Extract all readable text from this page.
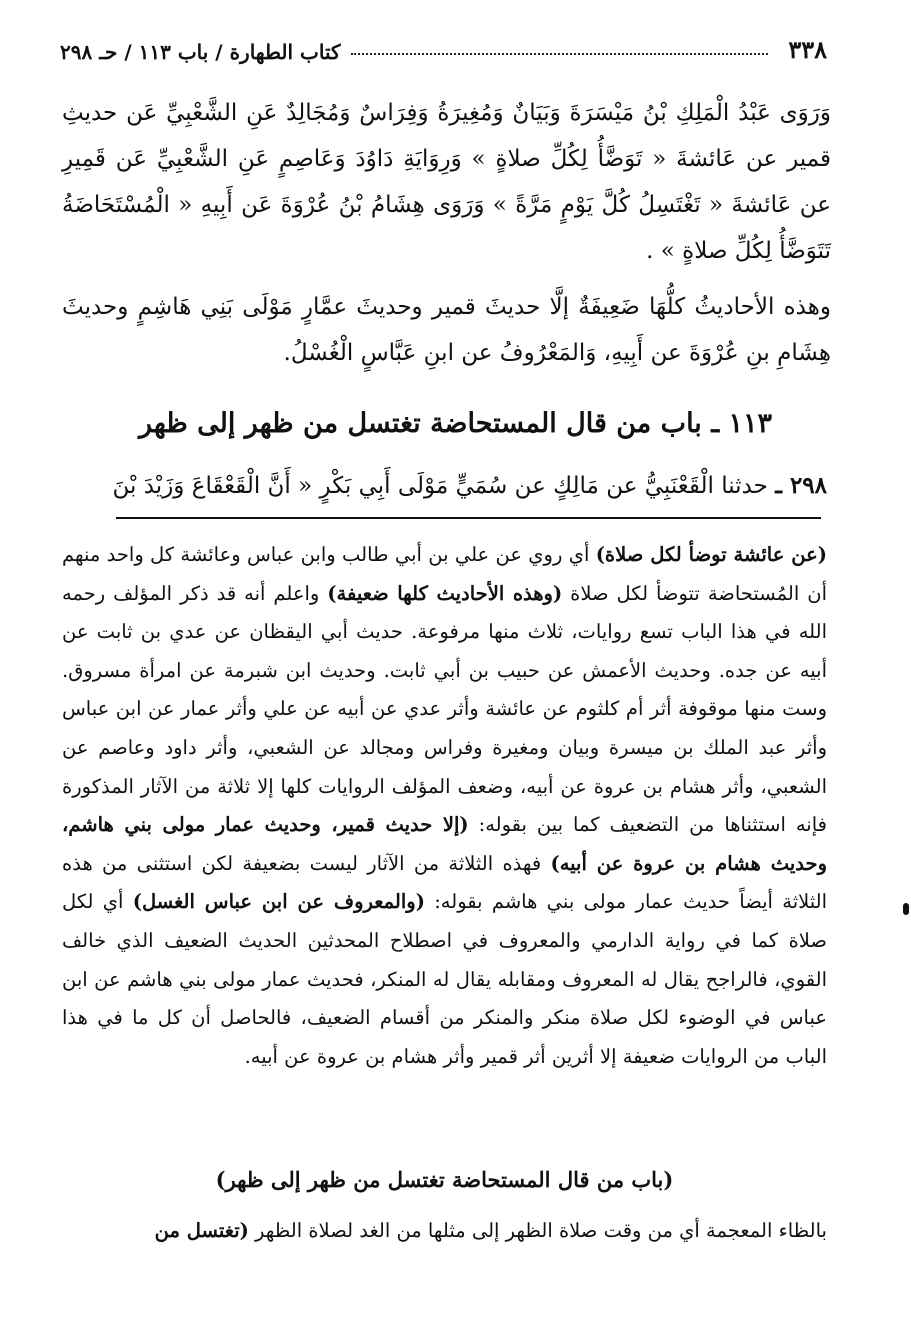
٣٣٨
كتاب الطهارة / باب ١١٣ / حـ ٢٩٨

وَرَوَى عَبْدُ الْمَلِكِ بْنُ مَيْسَرَةَ وَبَيَانٌ وَمُغِيرَةُ وَفِرَاسٌ وَمُجَالِدٌ عَنِ الشَّعْبِيِّ عَن حديثِ قمير عن عَائشةَ « تَوَضَّأُ لِكُلِّ صلاةٍ » وَرِوَايَةِ دَاوُدَ وَعَاصِمٍ عَنِ الشَّعْبِيِّ عَن قَمِيرِ عن عَائشةَ « تَغْتَسِلُ كُلَّ يَوْمٍ مَرَّةً » وَرَوَى هِشَامُ بْنُ عُرْوَةَ عَن أَبِيهِ « الْمُسْتَحَاضَةُ تَتَوَضَّأُ لِكُلِّ صلاةٍ » .

وهذه الأحاديثُ كلُّهَا ضَعِيفَةٌ إلَّا حديثَ قمير وحديثَ عمَّارٍ مَوْلَى بَنِي هَاشِمٍ وحديثَ هِشَامِ بنِ عُرْوَةَ عن أَبِيهِ، وَالمَعْرُوفُ عن ابنِ عَبَّاسٍ الْغُسْلُ.

١١٣ ـ باب من قال المستحاضة تغتسل من ظهر إلى ظهر
٢٩٨ ـ حدثنا الْقَعْنَبِيُّ عن مَالِكٍ عن سُمَيٍّ مَوْلَى أَبِي بَكْرٍ « أَنَّ الْقَعْقَاعَ وَزَيْدَ بْنَ

(عن عائشة توضأ لكل صلاة) أي روي عن علي بن أبي طالب وابن عباس وعائشة كل واحد منهم أن المُستحاضة تتوضأ لكل صلاة (وهذه الأحاديث كلها ضعيفة) واعلم أنه قد ذكر المؤلف رحمه الله في هذا الباب تسع روايات، ثلاث منها مرفوعة. حديث أبي اليقظان عن عدي بن ثابت عن أبيه عن جده. وحديث الأعمش عن حبيب بن أبي ثابت. وحديث ابن شبرمة عن امرأة مسروق. وست منها موقوفة أثر أم كلثوم عن عائشة وأثر عدي عن أبيه عن علي وأثر عمار عن ابن عباس وأثر عبد الملك بن ميسرة وبيان ومغيرة وفراس ومجالد عن الشعبي، وأثر داود وعاصم عن الشعبي، وأثر هشام بن عروة عن أبيه، وضعف المؤلف الروايات كلها إلا ثلاثة من الآثار المذكورة فإنه استثناها من التضعيف كما بين بقوله: (إلا حديث قمير، وحديث عمار مولى بني هاشم، وحديث هشام بن عروة عن أبيه) فهذه الثلاثة من الآثار ليست بضعيفة لكن استثنى من هذه الثلاثة أيضاً حديث عمار مولى بني هاشم بقوله: (والمعروف عن ابن عباس الغسل) أي لكل صلاة كما في رواية الدارمي والمعروف في اصطلاح المحدثين الحديث الضعيف الذي خالف القوي، فالراجح يقال له المعروف ومقابله يقال له المنكر، فحديث عمار مولى بني هاشم عن ابن عباس في الوضوء لكل صلاة منكر والمنكر من أقسام الضعيف، فالحاصل أن كل ما في هذا الباب من الروايات ضعيفة إلا أثرين أثر قمير وأثر هشام بن عروة عن أبيه.

(باب من قال المستحاضة تغتسل من ظهر إلى ظهر)
بالظاء المعجمة أي من وقت صلاة الظهر إلى مثلها من الغد لصلاة الظهر (تغتسل من
